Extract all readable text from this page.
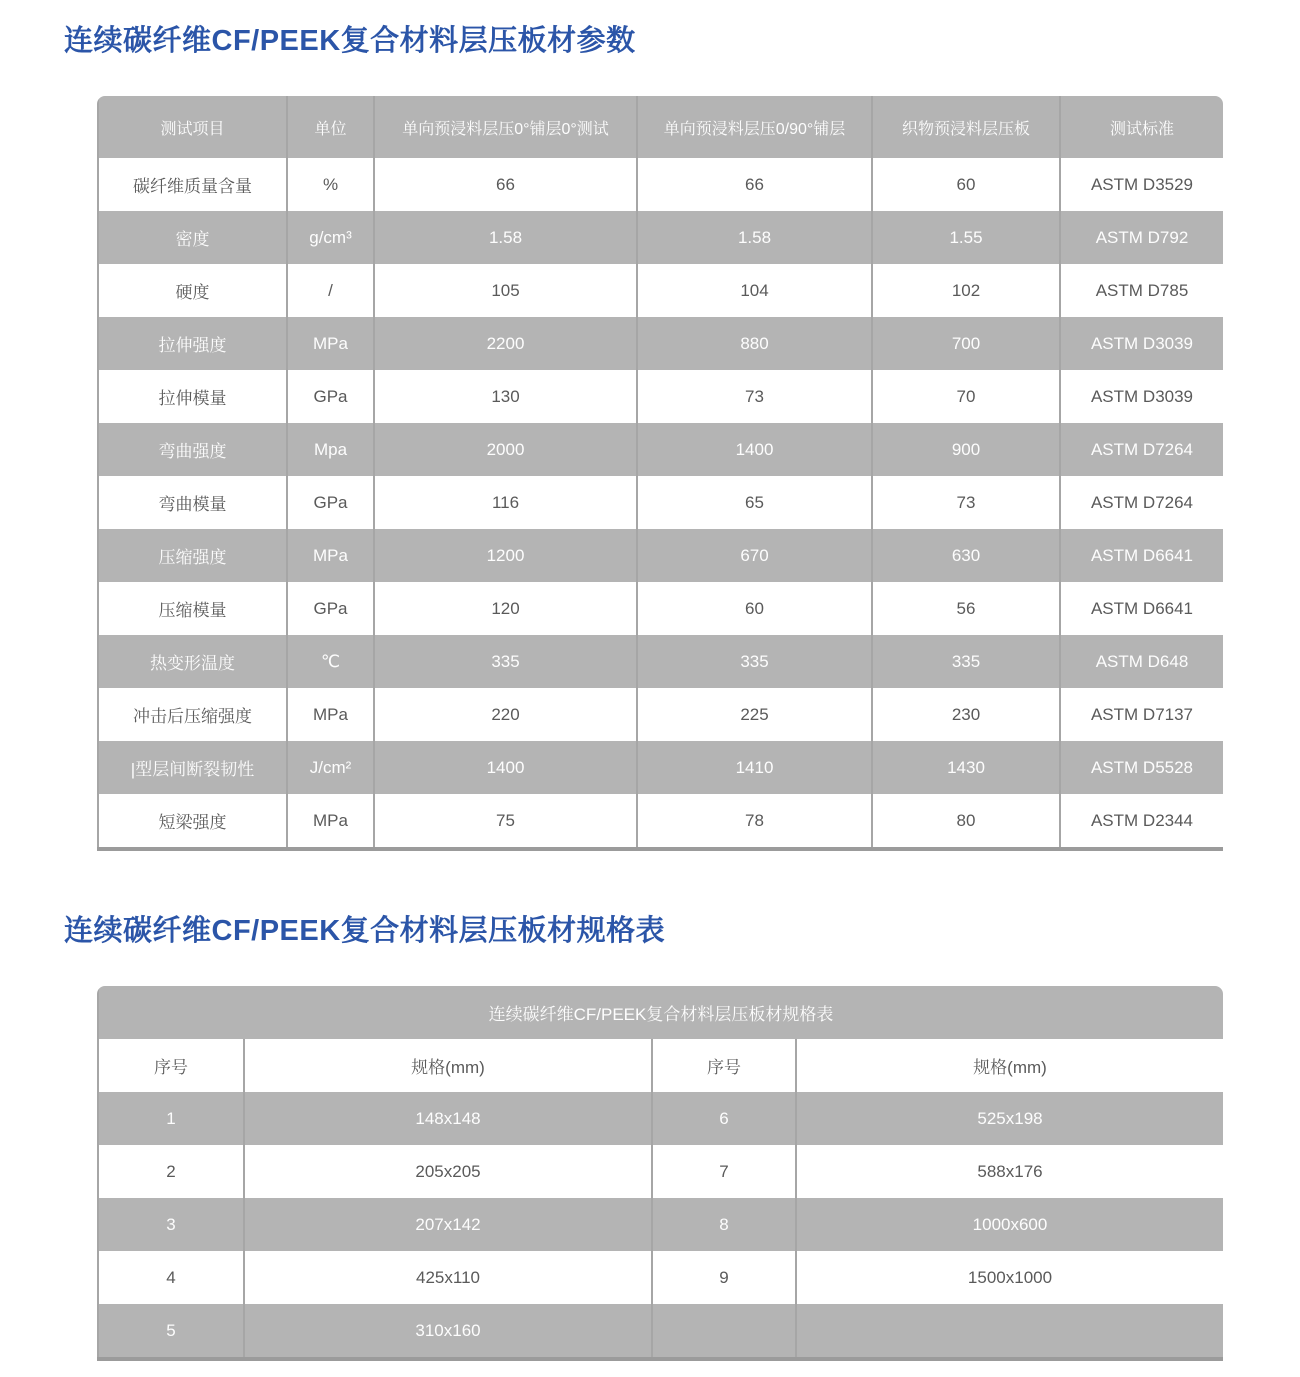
连续碳纤维CF/PEEK复合材料层压板材参数
测试项目	单位	单向预浸料层压0°铺层0°测试	单向预浸料层压0/90°铺层	织物预浸料层压板	测试标准
碳纤维质量含量	%	66	66	60	ASTM D3529
密度	g/cm³	1.58	1.58	1.55	ASTM D792
硬度	/	105	104	102	ASTM D785
拉伸强度	MPa	2200	880	700	ASTM D3039
拉伸模量	GPa	130	73	70	ASTM D3039
弯曲强度	Mpa	2000	1400	900	ASTM D7264
弯曲模量	GPa	116	65	73	ASTM D7264
压缩强度	MPa	1200	670	630	ASTM D6641
压缩模量	GPa	120	60	56	ASTM D6641
热变形温度	℃	335	335	335	ASTM D648
冲击后压缩强度	MPa	220	225	230	ASTM D7137
|型层间断裂韧性	J/cm²	1400	1410	1430	ASTM D5528
短梁强度	MPa	75	78	80	ASTM D2344
连续碳纤维CF/PEEK复合材料层压板材规格表
连续碳纤维CF/PEEK复合材料层压板材规格表			
序号	规格(mm)	序号	规格(mm)
1	148x148	6	525x198
2	205x205	7	588x176
3	207x142	8	1000x600
4	425x110	9	1500x1000
5	310x160		
